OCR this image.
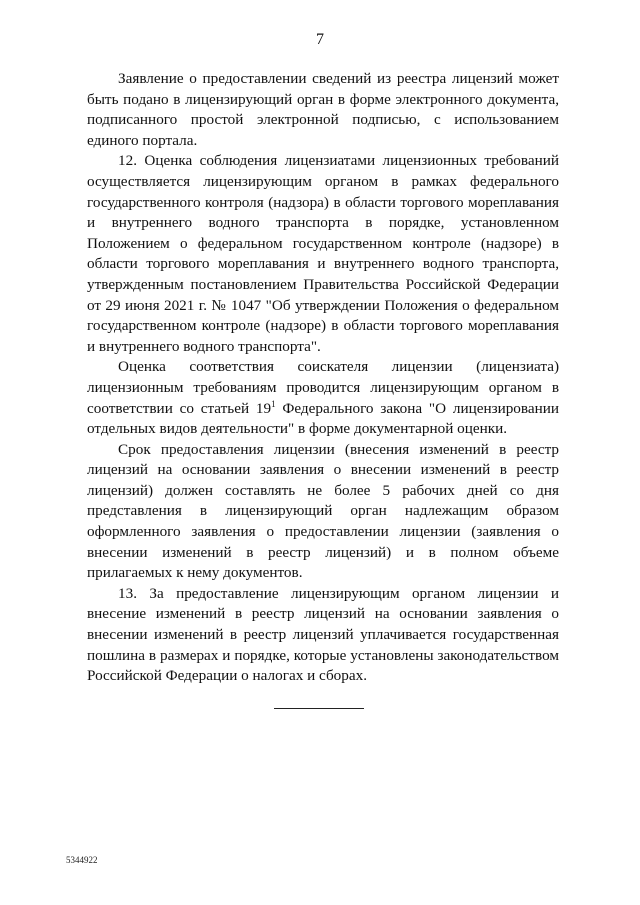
7

Заявление о предоставлении сведений из реестра лицензий может быть подано в лицензирующий орган в форме электронного документа, подписанного простой электронной подписью, с использованием единого портала.

12. Оценка соблюдения лицензиатами лицензионных требований осуществляется лицензирующим органом в рамках федерального государственного контроля (надзора) в области торгового мореплавания и внутреннего водного транспорта в порядке, установленном Положением о федеральном государственном контроле (надзоре) в области торгового мореплавания и внутреннего водного транспорта, утвержденным постановлением Правительства Российской Федерации от 29 июня 2021 г. № 1047 "Об утверждении Положения о федеральном государственном контроле (надзоре) в области торгового мореплавания и внутреннего водного транспорта".

Оценка соответствия соискателя лицензии (лицензиата) лицензионным требованиям проводится лицензирующим органом в соответствии со статьей $19^1$ Федерального закона "О лицензировании отдельных видов деятельности" в форме документарной оценки.

Срок предоставления лицензии (внесения изменений в реестр лицензий на основании заявления о внесении изменений в реестр лицензий) должен составлять не более 5 рабочих дней со дня представления в лицензирующий орган надлежащим образом оформленного заявления о предоставлении лицензии (заявления о внесении изменений в реестр лицензий) и в полном объеме прилагаемых к нему документов.

13. За предоставление лицензирующим органом лицензии и внесение изменений в реестр лицензий на основании заявления о внесении изменений в реестр лицензий уплачивается государственная пошлина в размерах и порядке, которые установлены законодательством Российской Федерации о налогах и сборах.

5344922
